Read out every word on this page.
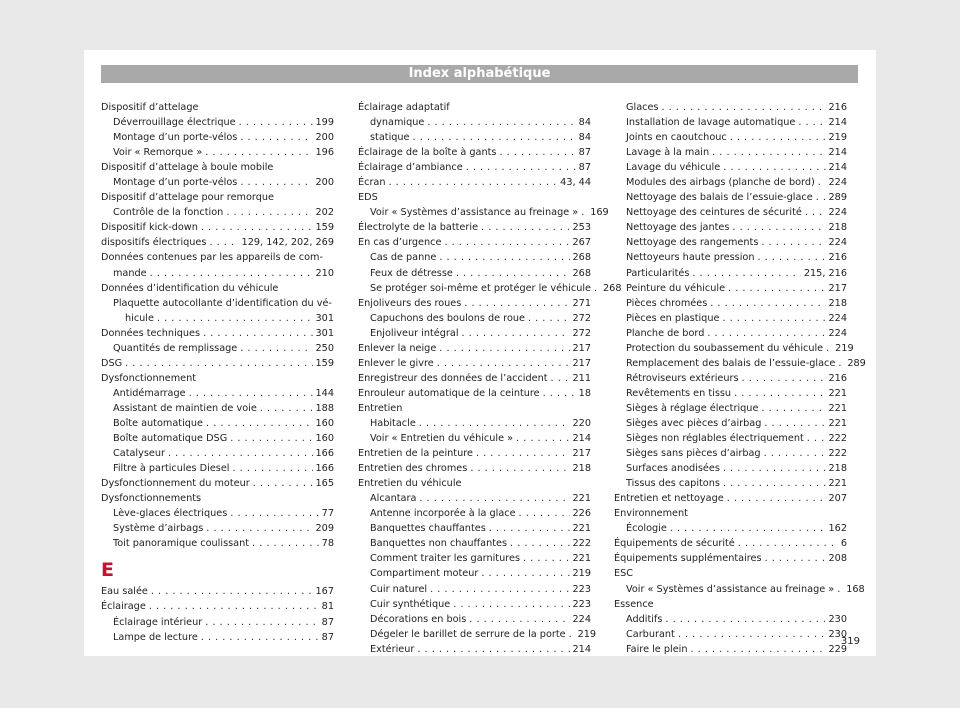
Index alphabétique
Dispositif d’attelage
Déverrouillage électrique . . .	199
Montage d’un porte-vélos . . .	200
Voir « Remorque » . . .	196
Dispositif d’attelage à boule mobile
Montage d’un porte-vélos . . .	200
Dispositif d’attelage pour remorque
Contrôle de la fonction . . .	202
Dispositif kick-down . . .	159
dispositifs électriques . . .	129, 142, 202, 269
Données contenues par les appareils de com-
mande . . .	210
Données d’identification du véhicule
Plaquette autocollante d’identification du vé-
hicule . . .	301
Données techniques . . .	301
Quantités de remplissage . . .	250
DSG . . .	159
Dysfonctionnement
Antidémarrage . . .	144
Assistant de maintien de voie . . .	188
Boîte automatique . . .	160
Boîte automatique DSG . . .	160
Catalyseur . . .	166
Filtre à particules Diesel . . .	166
Dysfonctionnement du moteur . . .	165
Dysfonctionnements
Lève-glaces électriques . . .	77
Système d’airbags . . .	209
Toit panoramique coulissant . . .	78
E
Eau salée . . .	167
Éclairage . . .	81
Éclairage intérieur . . .	87
Lampe de lecture . . .	87
Éclairage adaptatif
dynamique . . .	84
statique . . .	84
Éclairage de la boîte à gants . . .	87
Éclairage d’ambiance . . .	87
Écran . . .	43, 44
EDS
Voir « Systèmes d’assistance au freinage » . . . 169
Électrolyte de la batterie . . .	253
En cas d’urgence . . .	267
Cas de panne . . .	268
Feux de détresse . . .	268
Se protéger soi-même et protéger le véhicule . . . 268
Enjoliveurs des roues . . .	271
Capuchons des boulons de roue . . .	272
Enjoliveur intégral . . .	272
Enlever la neige . . .	217
Enlever le givre . . .	217
Enregistreur des données de l’accident . . .	211
Enrouleur automatique de la ceinture . . .	18
Entretien
Habitacle . . .	220
Voir « Entretien du véhicule » . . .	214
Entretien de la peinture . . .	217
Entretien des chromes . . .	218
Entretien du véhicule
Alcantara . . .	221
Antenne incorporée à la glace . . .	226
Banquettes chauffantes . . .	221
Banquettes non chauffantes . . .	222
Comment traiter les garnitures . . .	221
Compartiment moteur . . .	219
Cuir naturel . . .	223
Cuir synthétique . . .	223
Décorations en bois . . .	224
Dégeler le barillet de serrure de la porte . . . 219
Extérieur . . .	214
Glaces . . .	216
Installation de lavage automatique . . .	214
Joints en caoutchouc . . .	219
Lavage à la main . . .	214
Lavage du véhicule . . .	214
Modules des airbags (planche de bord) . . . 224
Nettoyage des balais de l’essuie-glace . . . 289
Nettoyage des ceintures de sécurité . . .	224
Nettoyage des jantes . . .	218
Nettoyage des rangements . . .	224
Nettoyeurs haute pression . . .	216
Particularités . . .	215, 216
Peinture du véhicule . . .	217
Pièces chromées . . .	218
Pièces en plastique . . .	224
Planche de bord . . .	224
Protection du soubassement du véhicule . . . 219
Remplacement des balais de l’essuie-glace . . . 289
Rétroviseurs extérieurs . . .	216
Revêtements en tissu . . .	221
Sièges à réglage électrique . . .	221
Sièges avec pièces d’airbag . . .	221
Sièges non réglables électriquement . . .	222
Sièges sans pièces d’airbag . . .	222
Surfaces anodisées . . .	218
Tissus des capitons . . .	221
Entretien et nettoyage . . .	207
Environnement
Écologie . . .	162
Équipements de sécurité . . .	6
Équipements supplémentaires . . .	208
ESC
Voir « Systèmes d’assistance au freinage » . . . 168
Essence
Additifs . . .	230
Carburant . . .	230
Faire le plein . . .	229
319
